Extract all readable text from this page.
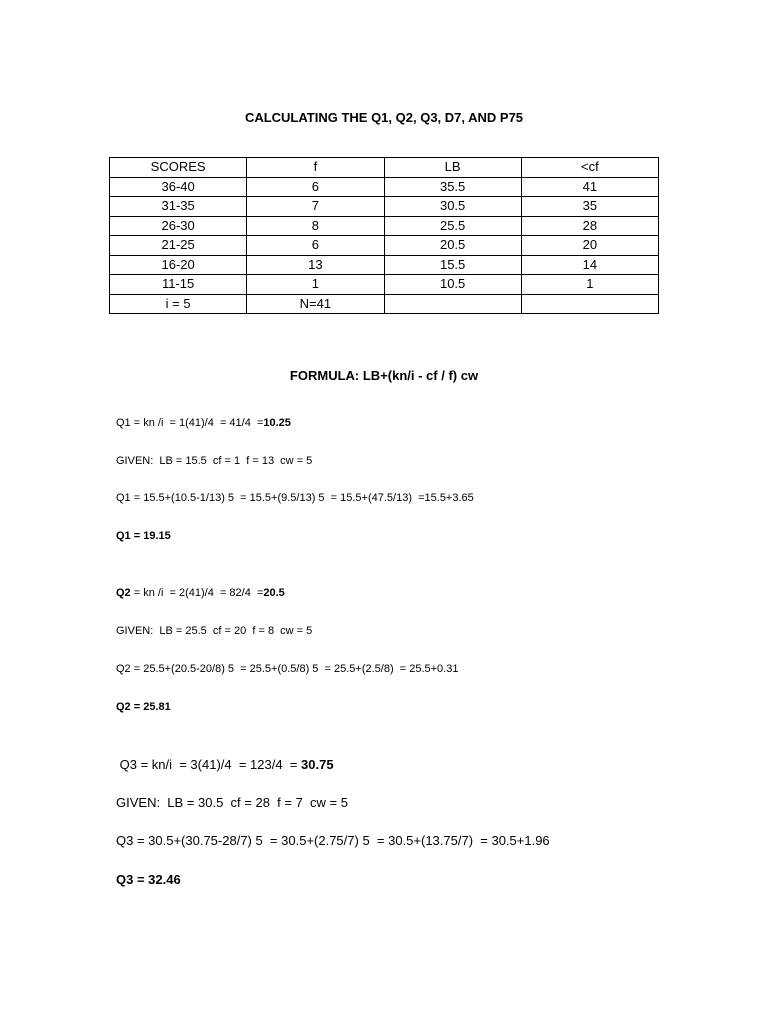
CALCULATING THE Q1, Q2, Q3, D7, AND P75
SCORES	f	LB	<cf
36-40	6	35.5	41
31-35	7	30.5	35
26-30	8	25.5	28
21-25	6	20.5	20
16-20	13	15.5	14
11-15	1	10.5	1
i = 5	N=41		
FORMULA: LB+(kn/i - cf / f) cw
Q1 = kn /i  = 1(41)/4  = 41/4  =10.25
GIVEN:  LB = 15.5  cf = 1  f = 13  cw = 5
Q1 = 15.5+(10.5-1/13) 5  = 15.5+(9.5/13) 5  = 15.5+(47.5/13)  =15.5+3.65
Q1 = 19.15
Q2 = kn /i  = 2(41)/4  = 82/4  =20.5
GIVEN:  LB = 25.5  cf = 20  f = 8  cw = 5
Q2 = 25.5+(20.5-20/8) 5  = 25.5+(0.5/8) 5  = 25.5+(2.5/8)  = 25.5+0.31
Q2 = 25.81
Q3 = kn/i  = 3(41)/4  = 123/4  = 30.75
GIVEN:  LB = 30.5  cf = 28  f = 7  cw = 5
Q3 = 30.5+(30.75-28/7) 5  = 30.5+(2.75/7) 5  = 30.5+(13.75/7)  = 30.5+1.96
Q3 = 32.46
